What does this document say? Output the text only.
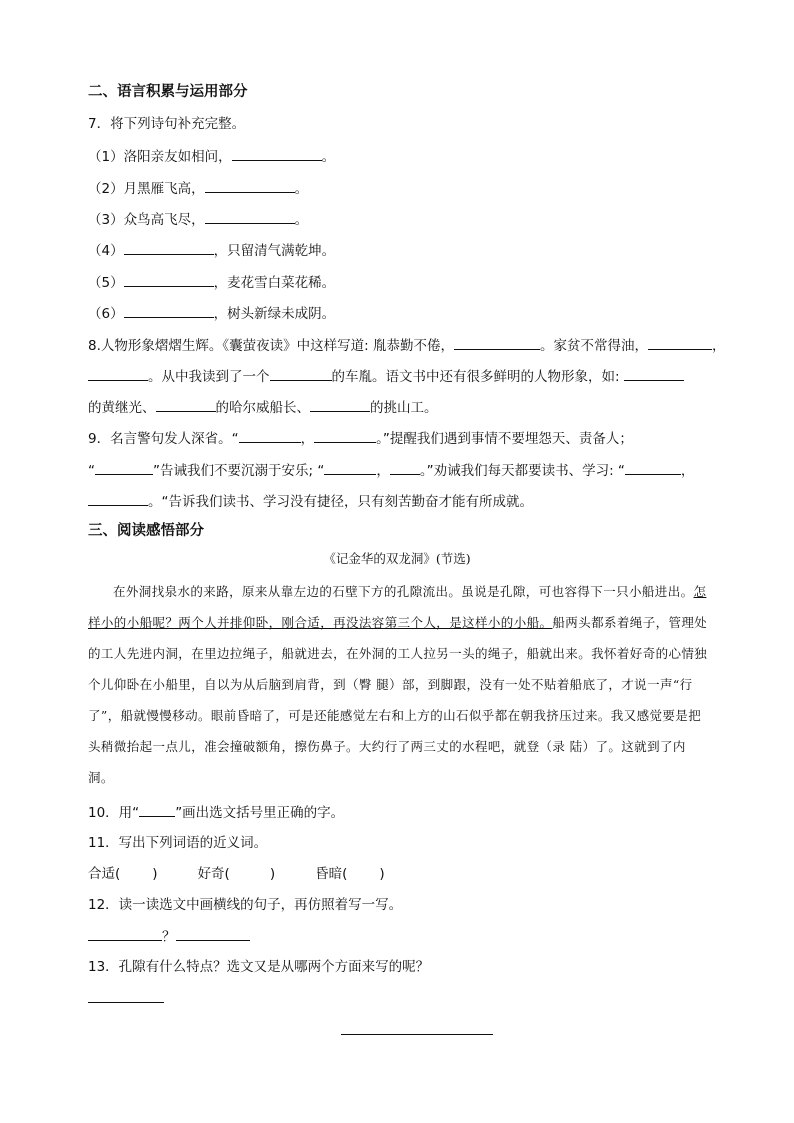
二、语言积累与运用部分
7．将下列诗句补充完整。
（1）洛阳亲友如相问，	。
（2）月黑雁飞高，	。
（3）众鸟高飞尽，	。
（4）	，只留清气满乾坤。
（5）	，麦花雪白菜花稀。
（6）	，树头新绿未成阴。
8.人物形象熠熠生辉。《囊萤夜读》中这样写道: 胤恭勤不倦，	。家贫不常得油，	，
。从中我读到了一个	的车胤。语文书中还有很多鲜明的人物形象，如:
的黄继光、	的哈尔威船长、	的挑山工。
9．名言警句发人深省。“	，	。”提醒我们遇到事情不要埋怨天、责备人；
“	”告诫我们不要沉溺于安乐; “	， 。”劝诫我们每天都要读书、学习: “	，
。“告诉我们读书、学习没有捷径，只有刻苦勤奋才能有所成就。
三、阅读感悟部分
《记金华的双龙洞》(节选)

在外洞找泉水的来路，原来从靠左边的石壁下方的孔隙流出。虽说是孔隙，可也容得下一只小船进出。怎样小的小船呢？两个人并排仰卧，刚合适，再没法容第三个人，是这样小的小船。船两头都系着绳子，管理处的工人先进内洞，在里边拉绳子，船就进去，在外洞的工人拉另一头的绳子，船就出来。我怀着好奇的心情独个儿仰卧在小船里，自以为从后脑到肩背，到（臀 腿）部，到脚跟，没有一处不贴着船底了，才说一声“行了”，船就慢慢移动。眼前昏暗了，可是还能感觉左右和上方的山石似乎都在朝我挤压过来。我又感觉要是把头稍微抬起一点儿，准会撞破额角，擦伤鼻子。大约行了两三丈的水程吧，就登（录 陆）了。这就到了内洞。

10．用“	”画出选文括号里正确的字。
11．写出下列词语的近义词。
合适( )	好奇(	)	昏暗( )
12．读一读选文中画横线的句子，再仿照着写一写。
？
13．孔隙有什么特点？选文又是从哪两个方面来写的呢？
